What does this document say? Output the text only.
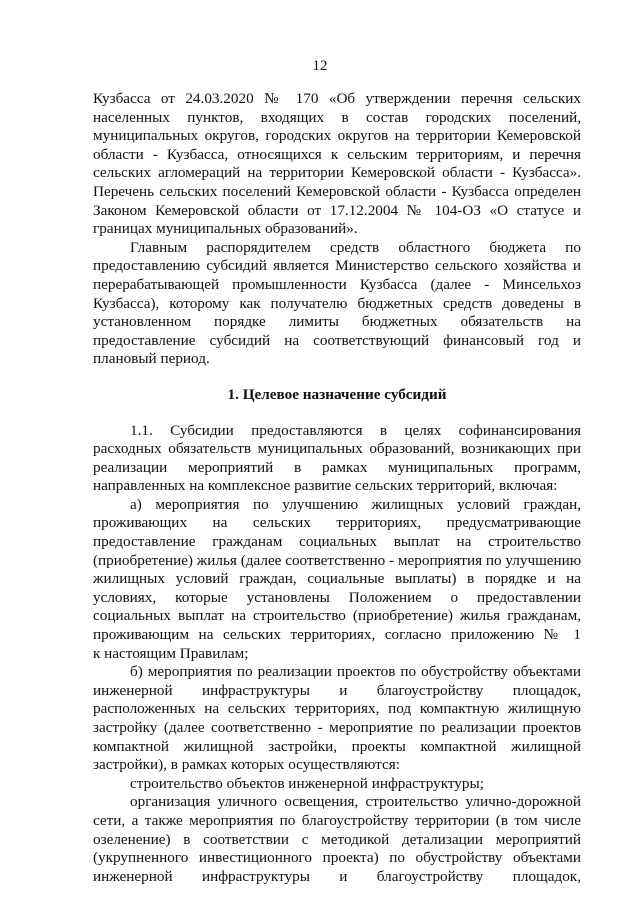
12
Кузбасса от 24.03.2020 № 170 «Об утверждении перечня сельских
населенных пунктов, входящих в состав городских поселений,
муниципальных округов, городских округов на территории Кемеровской
области - Кузбасса, относящихся к сельским территориям, и перечня
сельских агломераций на территории Кемеровской области - Кузбасса».
Перечень сельских поселений Кемеровской области - Кузбасса определен
Законом Кемеровской области от 17.12.2004 № 104-ОЗ «О статусе и
границах муниципальных образований».
Главным распорядителем средств областного бюджета по
предоставлению субсидий является Министерство сельского хозяйства и
перерабатывающей промышленности Кузбасса (далее - Минсельхоз
Кузбасса), которому как получателю бюджетных средств доведены в
установленном порядке лимиты бюджетных обязательств на
предоставление субсидий на соответствующий финансовый год и
плановый период.
1. Целевое назначение субсидий
1.1. Субсидии предоставляются в целях софинансирования
расходных обязательств муниципальных образований, возникающих при
реализации мероприятий в рамках муниципальных программ,
направленных на комплексное развитие сельских территорий, включая:
а) мероприятия по улучшению жилищных условий граждан,
проживающих на сельских территориях, предусматривающие
предоставление гражданам социальных выплат на строительство
(приобретение) жилья (далее соответственно - мероприятия по улучшению
жилищных условий граждан, социальные выплаты) в порядке и на
условиях, которые установлены Положением о предоставлении
социальных выплат на строительство (приобретение) жилья гражданам,
проживающим на сельских территориях, согласно приложению № 1
к настоящим Правилам;
б) мероприятия по реализации проектов по обустройству объектами
инженерной инфраструктуры и благоустройству площадок,
расположенных на сельских территориях, под компактную жилищную
застройку (далее соответственно - мероприятие по реализации проектов
компактной жилищной застройки, проекты компактной жилищной
застройки), в рамках которых осуществляются:
строительство объектов инженерной инфраструктуры;
организация уличного освещения, строительство улично-дорожной
сети, а также мероприятия по благоустройству территории (в том числе
озеленение) в соответствии с методикой детализации мероприятий
(укрупненного инвестиционного проекта) по обустройству объектами
инженерной инфраструктуры и благоустройству площадок,
